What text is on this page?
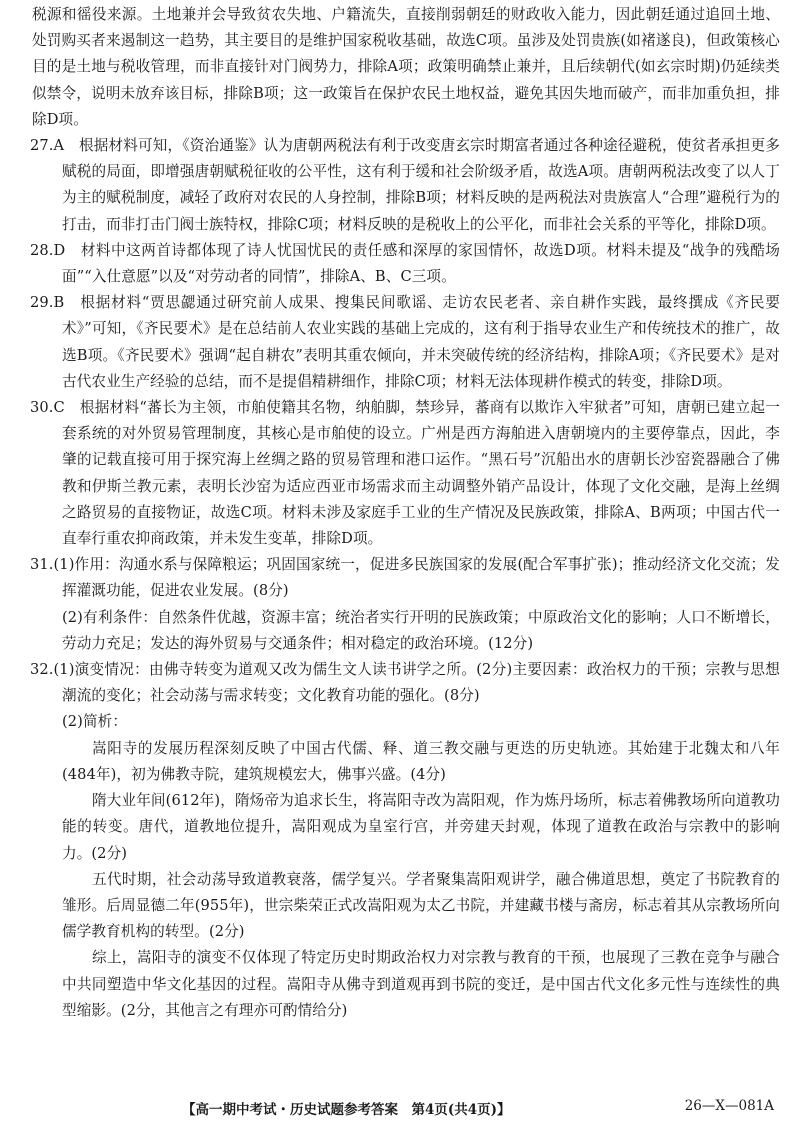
税源和徭役来源。土地兼并会导致贫农失地、户籍流失，直接削弱朝廷的财政收入能力，因此朝廷通过追回土地、处罚购买者来遏制这一趋势，其主要目的是维护国家税收基础，故选C项。虽涉及处罚贵族(如褚遂良)，但政策核心目的是土地与税收管理，而非直接针对门阀势力，排除A项；政策明确禁止兼并，且后续朝代(如玄宗时期)仍延续类似禁令，说明未放弃该目标，排除B项；这一政策旨在保护农民土地权益，避免其因失地而破产，而非加重负担，排除D项。

27.A　 根据材料可知，《资治通鉴》认为唐朝两税法有利于改变唐玄宗时期富者通过各种途径避税，使贫者承担更多赋税的局面，即增强唐朝赋税征收的公平性，这有利于缓和社会阶级矛盾，故选A项。唐朝两税法改变了以人丁为主的赋税制度，减轻了政府对农民的人身控制，排除B项；材料反映的是两税法对贵族富人“合理”避税行为的打击，而非打击门阀士族特权，排除C项；材料反映的是税收上的公平化，而非社会关系的平等化，排除D项。

28.D　 材料中这两首诗都体现了诗人忧国忧民的责任感和深厚的家国情怀，故选D项。材料未提及“战争的残酷场面”“入仕意愿”以及“对劳动者的同情”，排除A、B、C三项。

29.B　 根据材料“贾思勰通过研究前人成果、搜集民间歌谣、走访农民老者、亲自耕作实践，最终撰成《齐民要术》”可知，《齐民要术》是在总结前人农业实践的基础上完成的，这有利于指导农业生产和传统技术的推广，故选B项。《齐民要术》强调“起自耕农”表明其重农倾向，并未突破传统的经济结构，排除A项；《齐民要术》是对古代农业生产经验的总结，而不是提倡精耕细作，排除C项；材料无法体现耕作模式的转变，排除D项。

30.C　 根据材料“蕃长为主领，市舶使籍其名物，纳舶脚，禁珍异，蕃商有以欺诈入牢狱者”可知，唐朝已建立起一套系统的对外贸易管理制度，其核心是市舶使的设立。广州是西方海舶进入唐朝境内的主要停靠点，因此，李肇的记载直接可用于探究海上丝绸之路的贸易管理和港口运作。“黑石号”沉船出水的唐朝长沙窑瓷器融合了佛教和伊斯兰教元素，表明长沙窑为适应西亚市场需求而主动调整外销产品设计，体现了文化交融，是海上丝绸之路贸易的直接物证，故选C项。材料未涉及家庭手工业的生产情况及民族政策，排除A、B两项；中国古代一直奉行重农抑商政策，并未发生变革，排除D项。

31.(1)作用：沟通水系与保障粮运；巩固国家统一，促进多民族国家的发展(配合军事扩张)；推动经济文化交流；发挥灌溉功能，促进农业发展。(8分)

(2)有利条件：自然条件优越，资源丰富；统治者实行开明的民族政策；中原政治文化的影响；人口不断增长，劳动力充足；发达的海外贸易与交通条件；相对稳定的政治环境。(12分)

32.(1)演变情况：由佛寺转变为道观又改为儒生文人读书讲学之所。(2分)主要因素：政治权力的干预；宗教与思想潮流的变化；社会动荡与需求转变；文化教育功能的强化。(8分)

(2)简析：

嵩阳寺的发展历程深刻反映了中国古代儒、释、道三教交融与更迭的历史轨迹。其始建于北魏太和八年(484年)，初为佛教寺院，建筑规模宏大，佛事兴盛。(4分)

隋大业年间(612年)，隋炀帝为追求长生，将嵩阳寺改为嵩阳观，作为炼丹场所，标志着佛教场所向道教功能的转变。唐代，道教地位提升，嵩阳观成为皇室行宫，并旁建天封观，体现了道教在政治与宗教中的影响力。(2分)

五代时期，社会动荡导致道教衰落，儒学复兴。学者聚集嵩阳观讲学，融合佛道思想，奠定了书院教育的雏形。后周显德二年(955年)，世宗柴荣正式改嵩阳观为太乙书院，并建藏书楼与斋房，标志着其从宗教场所向儒学教育机构的转型。(2分)

综上，嵩阳寺的演变不仅体现了特定历史时期政治权力对宗教与教育的干预，也展现了三教在竞争与融合中共同塑造中华文化基因的过程。嵩阳寺从佛寺到道观再到书院的变迁，是中国古代文化多元性与连续性的典型缩影。(2分，其他言之有理亦可酌情给分)

【高一期中考试・历史试题参考答案　第4页(共4页)】	26—X—081A
